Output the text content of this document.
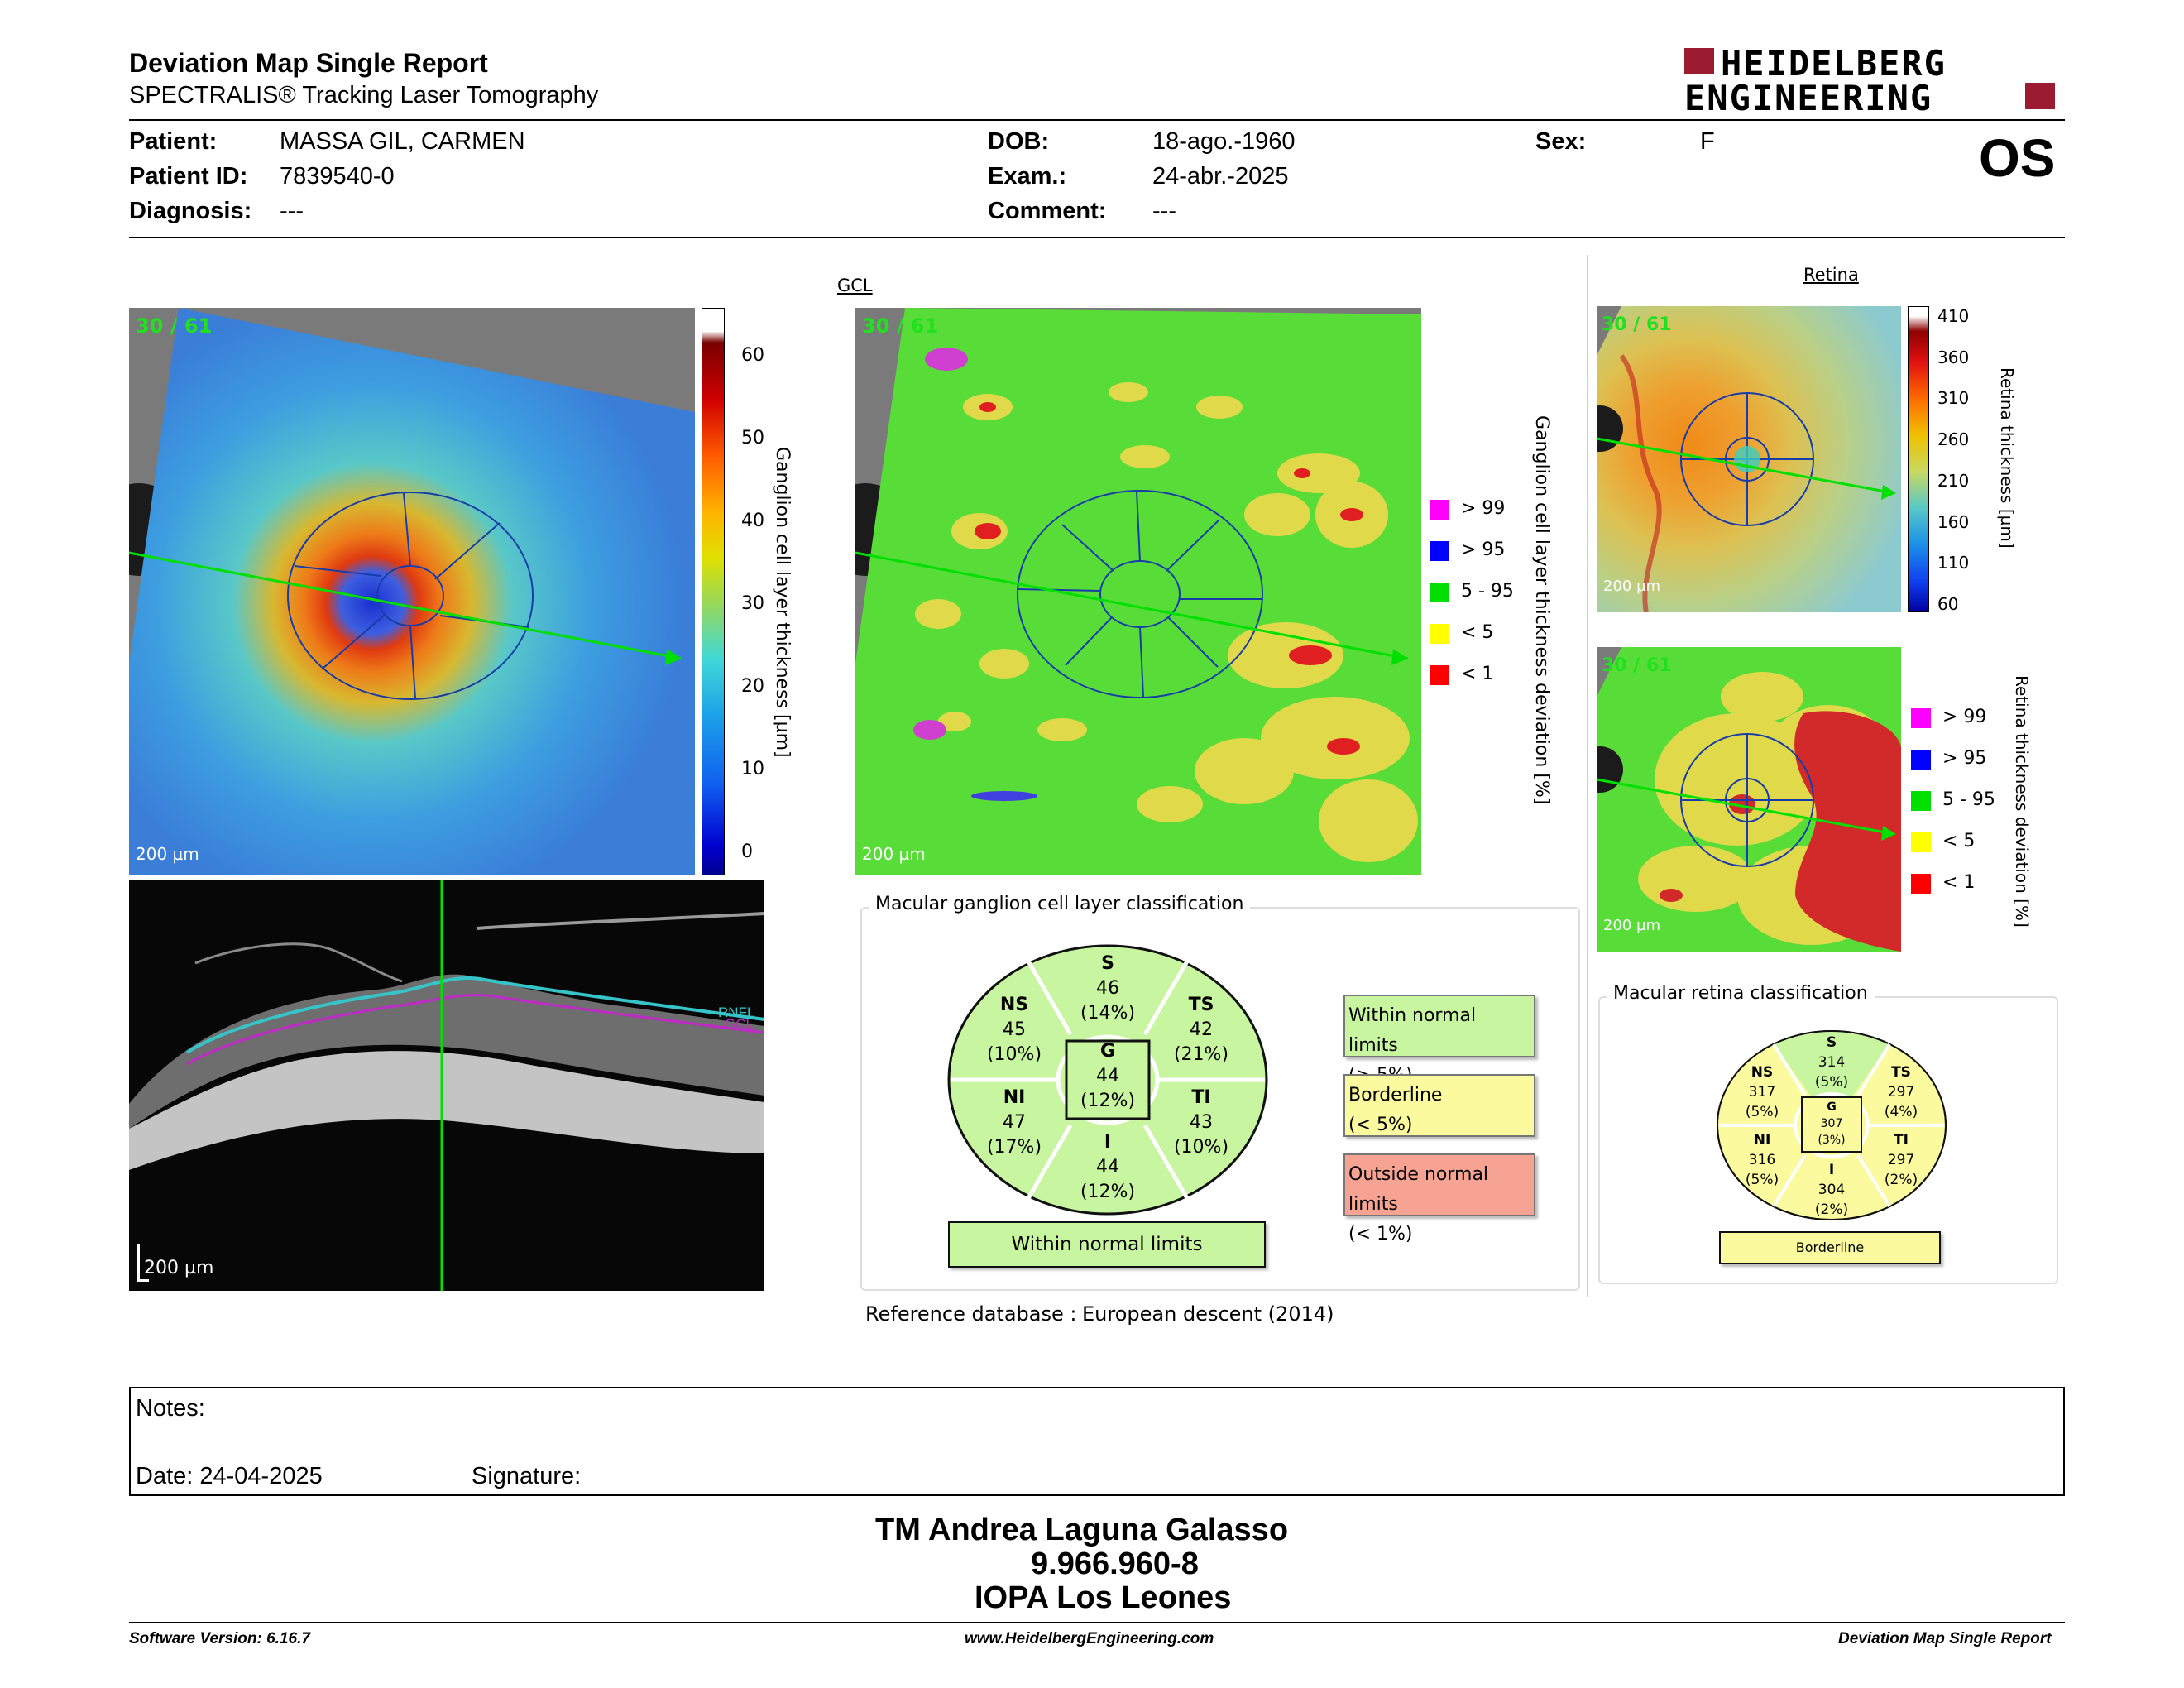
Deviation Map Single Report
SPECTRALIS® Tracking Laser Tomography
HEIDELBERG
ENGINEERING
Patient:	MASSA GIL, CARMEN
Patient ID: 7839540-0
Diagnosis: ---
DOB:	18-ago.-1960
Exam.:	24-abr.-2025
Comment: ---
Sex:	F	OS
30 / 61
200 µm
60
50
40
30
20
10
0
Ganglion cell layer thickness [µm]
RNFL
GCL
200 µm
GCL
30 / 61
200 µm
> 99
> 95
5 - 95
< 5
< 1 Ganglion cell layer thickness deviation [%]
Macular ganglion cell layer classification
S
46
(14%)
NS
45
(10%)
TS
42
(21%)
G
44
(12%)
NI
47
(17%)
TI
43
(10%)
I
44
(12%)
Within normal limits
Within normal limits
Borderline
(< 5%)
Outside normal limits
(< 1%)
Reference database : European descent (2014)
Retina
30 / 61
200 µm
410
360
310
260
210
160
110
60
Retina thickness [µm]
30 / 61
200 µm
> 99
> 95
5 - 95
< 5
< 1 Retina thickness deviation [%]
Macular retina classification
S
314
(5%)
NS
317
(5%)
TS
297
(4%)
G
307
(3%)
NI
316
(5%)
TI
297
(2%)
I
304
(2%)
Borderline
Notes:
Date: 24-04-2025	Signature:
TM Andrea Laguna Galasso
9.966.960-8
IOPA Los Leones
Software Version: 6.16.7	www.HeidelbergEngineering.com	Deviation Map Single Report
